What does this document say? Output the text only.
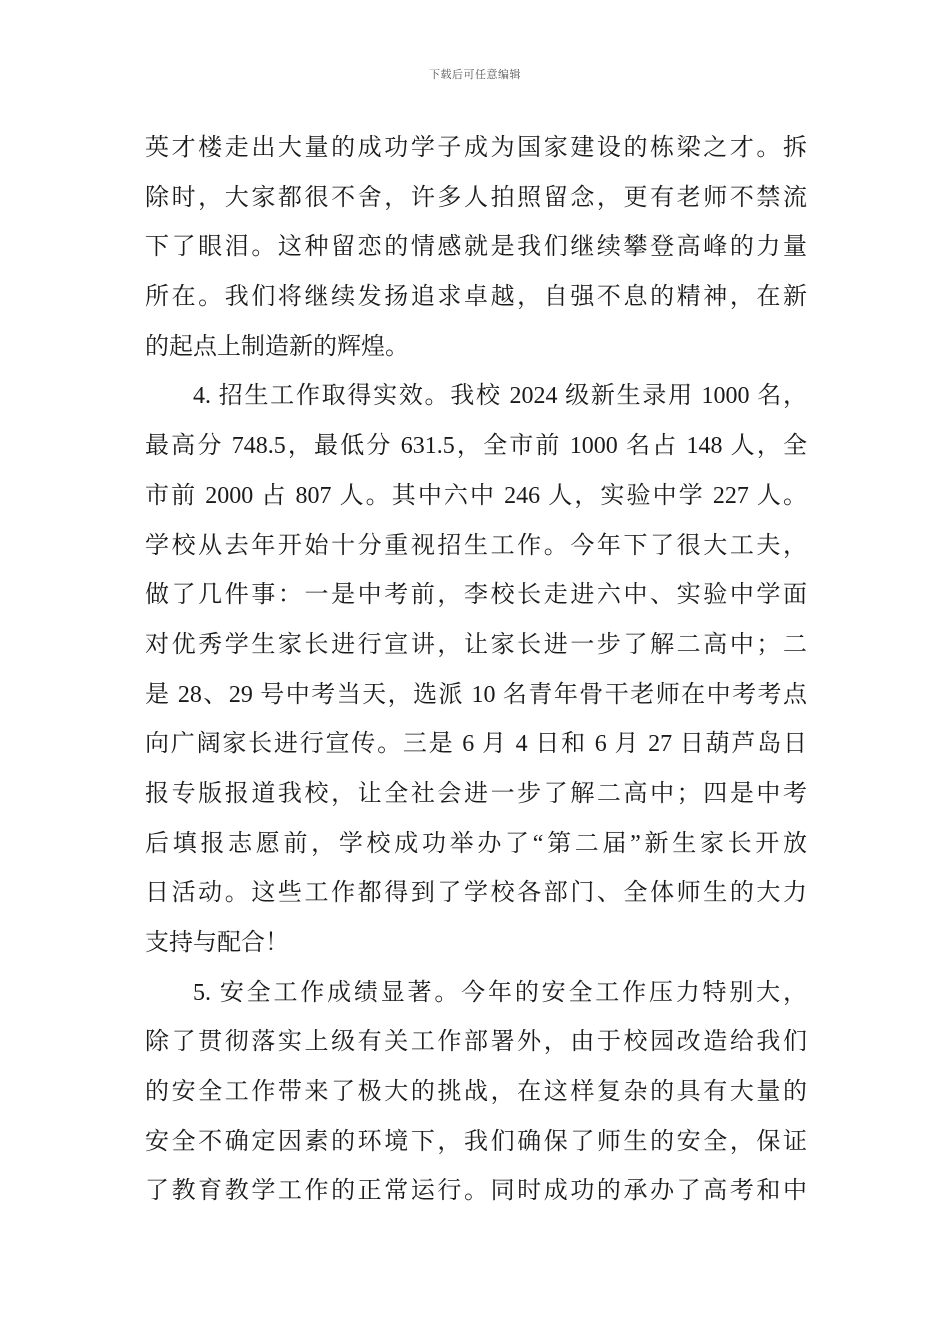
下载后可任意编辑
英才楼走出大量的成功学子成为国家建设的栋梁之才。拆
除时，大家都很不舍，许多人拍照留念，更有老师不禁流
下了眼泪。这种留恋的情感就是我们继续攀登高峰的力量
所在。我们将继续发扬追求卓越，自强不息的精神，在新
的起点上制造新的辉煌。
4. 招生工作取得实效。我校 2024 级新生录用 1000 名，
最高分 748.5，最低分 631.5，全市前 1000 名占 148 人，全
市前 2000 占 807 人。其中六中 246 人，实验中学 227 人。
学校从去年开始十分重视招生工作。今年下了很大工夫，
做了几件事：一是中考前，李校长走进六中、实验中学面
对优秀学生家长进行宣讲，让家长进一步了解二高中；二
是 28、29 号中考当天，选派 10 名青年骨干老师在中考考点
向广阔家长进行宣传。三是 6 月 4 日和 6 月 27 日葫芦岛日
报专版报道我校，让全社会进一步了解二高中；四是中考
后填报志愿前，学校成功举办了“第二届”新生家长开放
日活动。这些工作都得到了学校各部门、全体师生的大力
支持与配合！
5. 安全工作成绩显著。今年的安全工作压力特别大，
除了贯彻落实上级有关工作部署外，由于校园改造给我们
的安全工作带来了极大的挑战，在这样复杂的具有大量的
安全不确定因素的环境下，我们确保了师生的安全，保证
了教育教学工作的正常运行。同时成功的承办了高考和中
